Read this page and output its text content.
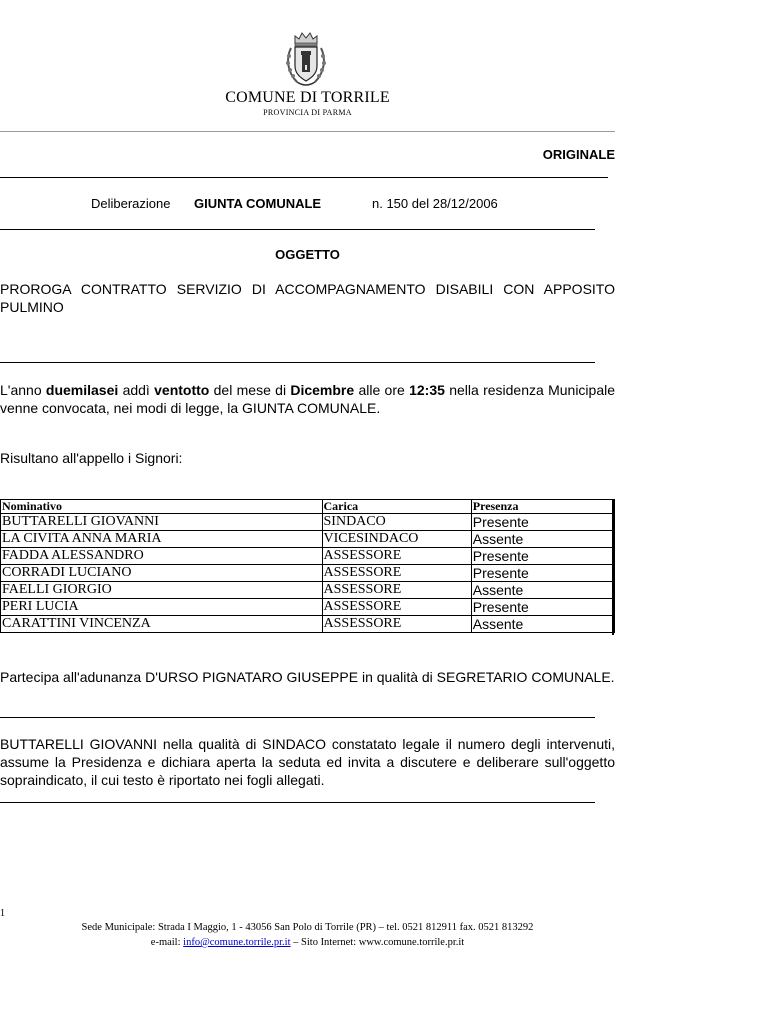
COMUNE DI TORRILE
PROVINCIA DI PARMA
ORIGINALE
Deliberazione GIUNTA COMUNALE	n. 150 del 28/12/2006
OGGETTO
PROROGA CONTRATTO SERVIZIO DI ACCOMPAGNAMENTO DISABILI CON APPOSITO PULMINO
L'anno duemilasei addì ventotto del mese di Dicembre alle ore 12:35 nella residenza Municipale venne convocata, nei modi di legge, la GIUNTA COMUNALE.
Risultano all'appello i Signori:
Nominativo	Carica	Presenza
BUTTARELLI GIOVANNI	SINDACO	Presente
LA CIVITA ANNA MARIA	VICESINDACO	Assente
FADDA ALESSANDRO	ASSESSORE	Presente
CORRADI LUCIANO	ASSESSORE	Presente
FAELLI GIORGIO	ASSESSORE	Assente
PERI LUCIA	ASSESSORE	Presente
CARATTINI VINCENZA	ASSESSORE	Assente
Partecipa all'adunanza D'URSO PIGNATARO GIUSEPPE in qualità di SEGRETARIO COMUNALE.
BUTTARELLI GIOVANNI nella qualità di SINDACO constatato legale il numero degli intervenuti, assume la Presidenza e dichiara aperta la seduta ed invita a discutere e deliberare sull'oggetto sopraindicato, il cui testo è riportato nei fogli allegati.
1
Sede Municipale: Strada I Maggio, 1 - 43056 San Polo di Torrile (PR) – tel. 0521 812911 fax. 0521 813292
e-mail: info@comune.torrile.pr.it – Sito Internet: www.comune.torrile.pr.it
